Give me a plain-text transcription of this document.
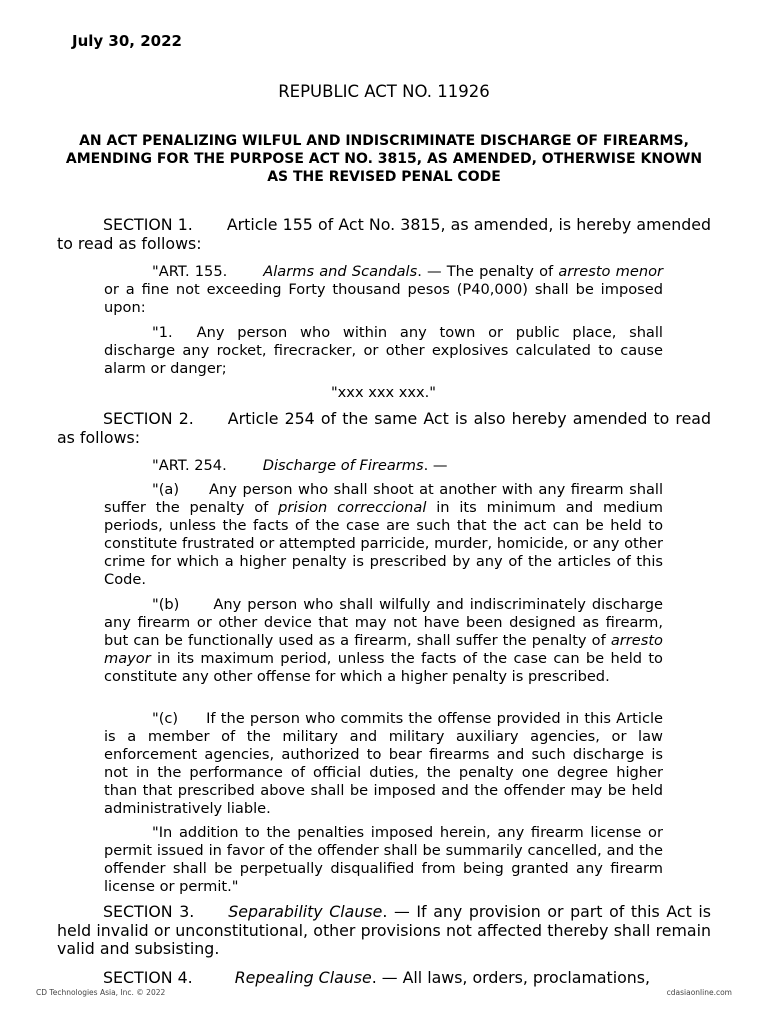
July 30, 2022
REPUBLIC ACT NO. 11926
AN ACT PENALIZING WILFUL AND INDISCRIMINATE DISCHARGE OF FIREARMS, AMENDING FOR THE PURPOSE ACT NO. 3815, AS AMENDED, OTHERWISE KNOWN AS THE REVISED PENAL CODE
SECTION 1. Article 155 of Act No. 3815, as amended, is hereby amended to read as follows:
"ART. 155. Alarms and Scandals. — The penalty of arresto menor or a fine not exceeding Forty thousand pesos (P40,000) shall be imposed upon:
"1. Any person who within any town or public place, shall discharge any rocket, firecracker, or other explosives calculated to cause alarm or danger;
"xxx xxx xxx."
SECTION 2. Article 254 of the same Act is also hereby amended to read as follows:
"ART. 254. Discharge of Firearms. —
"(a) Any person who shall shoot at another with any firearm shall suffer the penalty of prision correccional in its minimum and medium periods, unless the facts of the case are such that the act can be held to constitute frustrated or attempted parricide, murder, homicide, or any other crime for which a higher penalty is prescribed by any of the articles of this Code.
"(b) Any person who shall wilfully and indiscriminately discharge any firearm or other device that may not have been designed as firearm, but can be functionally used as a firearm, shall suffer the penalty of arresto mayor in its maximum period, unless the facts of the case can be held to constitute any other offense for which a higher penalty is prescribed.
"(c) If the person who commits the offense provided in this Article is a member of the military and military auxiliary agencies, or law enforcement agencies, authorized to bear firearms and such discharge is not in the performance of official duties, the penalty one degree higher than that prescribed above shall be imposed and the offender may be held administratively liable.
"In addition to the penalties imposed herein, any firearm license or permit issued in favor of the offender shall be summarily cancelled, and the offender shall be perpetually disqualified from being granted any firearm license or permit."
SECTION 3. Separability Clause. — If any provision or part of this Act is held invalid or unconstitutional, other provisions not affected thereby shall remain valid and subsisting.
SECTION 4.	Repealing Clause. — All laws, orders, proclamations,
CD Technologies Asia, Inc. © 2022	cdasiaonline.com
